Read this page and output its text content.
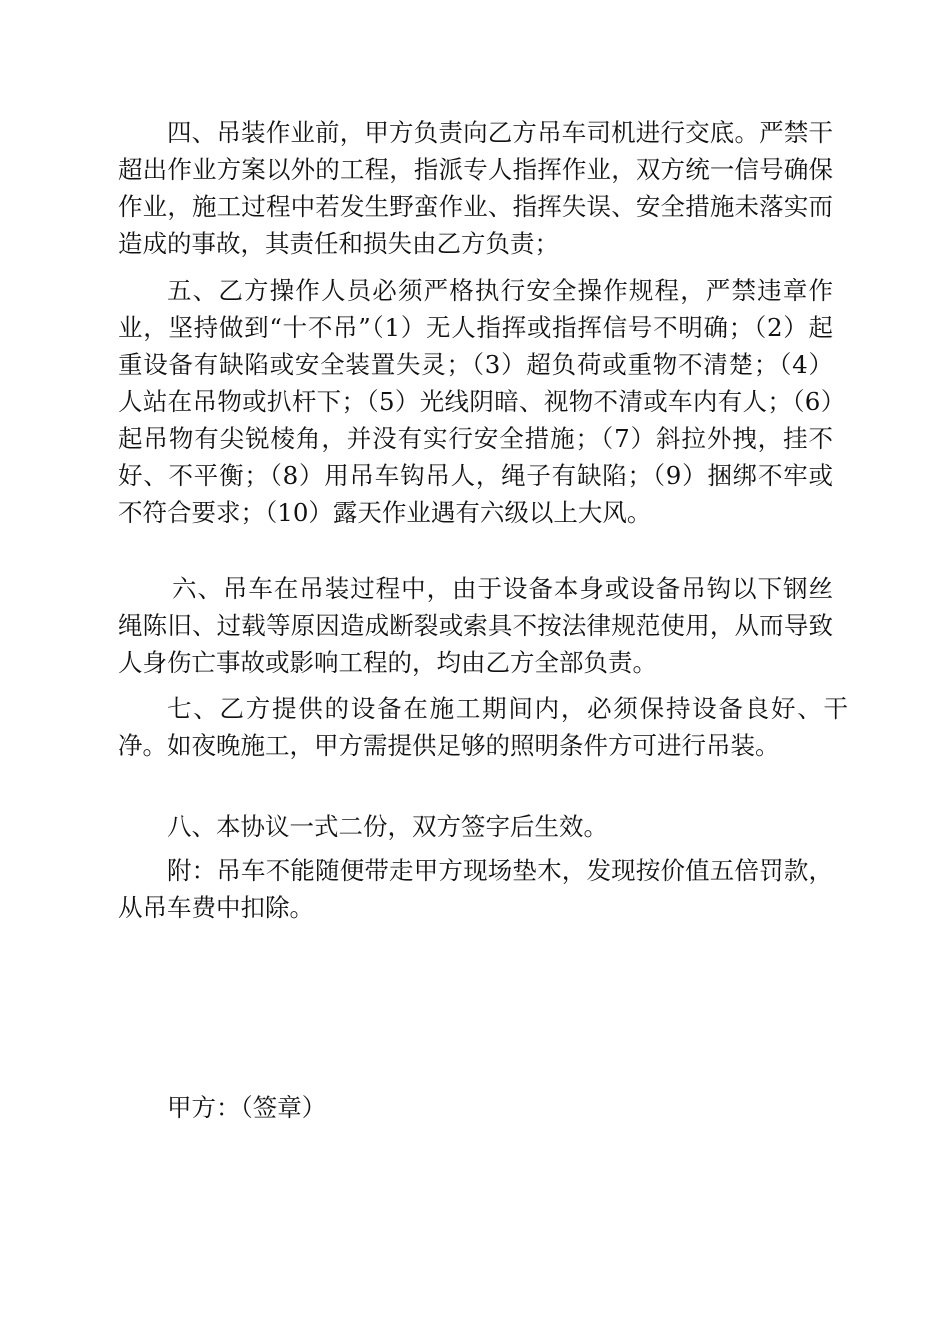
四、吊装作业前，甲方负责向乙方吊车司机进行交底。严禁干超出作业方案以外的工程，指派专人指挥作业，双方统一信号确保作业，施工过程中若发生野蛮作业、指挥失误、安全措施未落实而造成的事故，其责任和损失由乙方负责；

五、乙方操作人员必须严格执行安全操作规程，严禁违章作业，坚持做到“十不吊”（1）无人指挥或指挥信号不明确；（2）起重设备有缺陷或安全装置失灵；（3）超负荷或重物不清楚；（4）人站在吊物或扒杆下；（5）光线阴暗、视物不清或车内有人；（6）起吊物有尖锐棱角，并没有实行安全措施；（7）斜拉外拽，挂不好、不平衡；（8）用吊车钩吊人，绳子有缺陷；（9）捆绑不牢或不符合要求；（10）露天作业遇有六级以上大风。

六、吊车在吊装过程中，由于设备本身或设备吊钩以下钢丝绳陈旧、过载等原因造成断裂或索具不按法律规范使用，从而导致人身伤亡事故或影响工程的，均由乙方全部负责。

七、乙方提供的设备在施工期间内，必须保持设备良好、干净。如夜晚施工，甲方需提供足够的照明条件方可进行吊装。

八、本协议一式二份，双方签字后生效。

附：吊车不能随便带走甲方现场垫木，发现按价值五倍罚款，从吊车费中扣除。

甲方：（签章）
